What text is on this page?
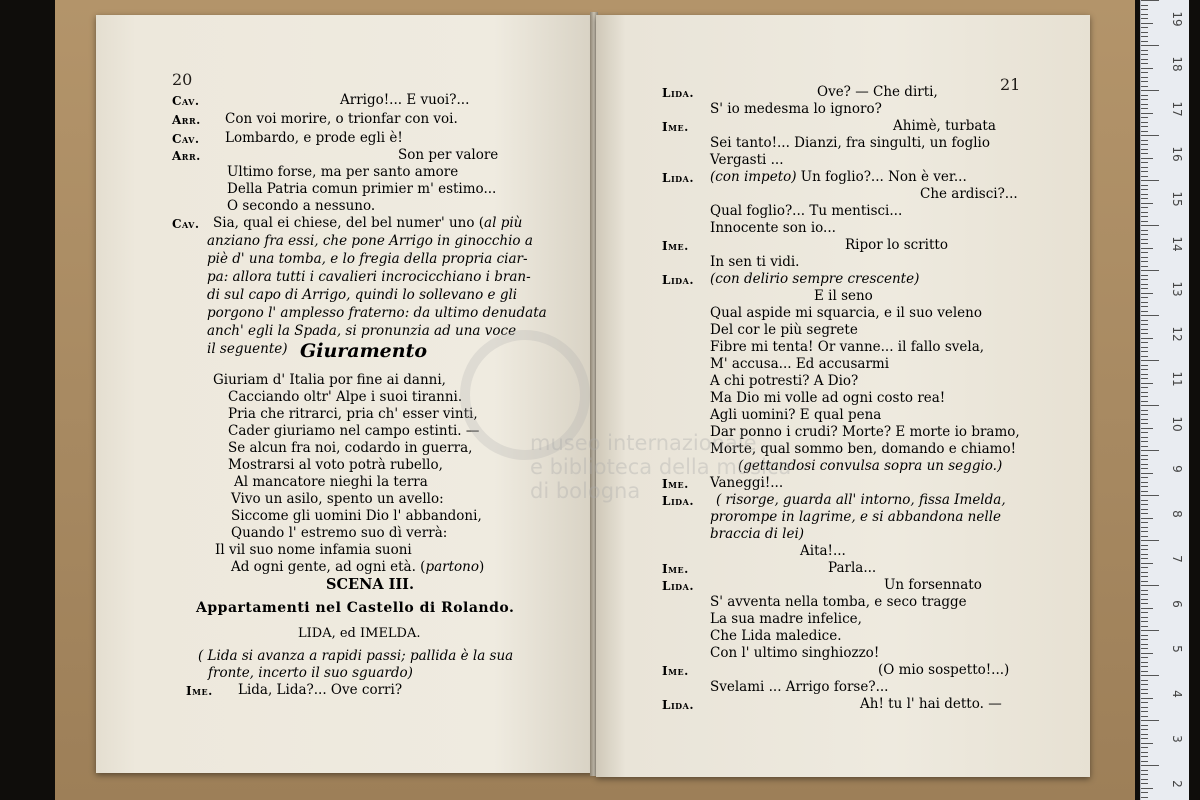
20	21
Cav.	Arrigo!... E vuoi?...
Arr. Con voi morire, o trionfar con voi.
Cav. Lombardo, e prode egli è!
Arr.	Son per valore
Ultimo forse, ma per santo amore
Della Patria comun primier m' estimo...
O secondo a nessuno.
Cav. Sia, qual ei chiese, del bel numer' uno (al più
anziano fra essi, che pone Arrigo in ginocchio a
piè d' una tomba, e lo fregia della propria ciar-
pa: allora tutti i cavalieri incrocicchiano i bran-
di sul capo di Arrigo, quindi lo sollevano e gli
porgono l' amplesso fraterno: da ultimo denudata
anch' egli la Spada, si pronunzia ad una voce
il seguente)
Giuriam d' Italia por fine ai danni,
Cacciando oltr' Alpe i suoi tiranni.
Pria che ritrarci, pria ch' esser vinti,
Cader giuriamo nel campo estinti. —
Se alcun fra noi, codardo in guerra,
Mostrarsi al voto potrà rubello,
Al mancatore nieghi la terra
Vivo un asilo, spento un avello:
Siccome gli uomini Dio l' abbandoni,
Quando l' estremo suo dì verrà:
Il vil suo nome infamia suoni
Ad ogni gente, ad ogni età. (partono)
Lida.	Ove? — Che dirti,
S' io medesma lo ignoro?
Ime.	Ahimè, turbata
Sei tanto!... Dianzi, fra singulti, un foglio
Vergasti ...
Lida. (con impeto) Un foglio?... Non è ver...
Che ardisci?...
Qual foglio?... Tu mentisci...
Innocente son io...
Ime.	Ripor lo scritto
In sen ti vidi.
Lida. (con delirio sempre crescente)
E il seno
Qual aspide mi squarcia, e il suo veleno
Del cor le più segrete
Fibre mi tenta! Or vanne... il fallo svela,
M' accusa... Ed accusarmi
A chi potresti? A Dio?
Ma Dio mi volle ad ogni costo rea!
Agli uomini? E qual pena
Dar ponno i crudi? Morte? E morte io bramo,
Morte, qual sommo ben, domando e chiamo!
(gettandosi convulsa sopra un seggio.)
Ime. Vaneggi!...
Lida. ( risorge, guarda all' intorno, fissa Imelda,
prorompe in lagrime, e si abbandona nelle
braccia di lei)
Aita!...
Ime.	Parla...
Lida.	Un forsennato
S' avventa nella tomba, e seco tragge
La sua madre infelice,
Che Lida maledice.
Con l' ultimo singhiozzo!
Ime.	(O mio sospetto!...)
Svelami ... Arrigo forse?...
Lida.	Ah! tu l' hai detto. —
Giuramento
SCENA III.
Appartamenti nel Castello di Rolando.
LIDA, ed IMELDA.
( Lida si avanza a rapidi passi; pallida è la sua
fronte, incerto il suo sguardo)
Ime. Lida, Lida?... Ove corri?
museo internazionale
e biblioteca della musica
di bologna
19
18
17
16
15
14
13
12
11
10
9
8
7
6
5
4
3
2
